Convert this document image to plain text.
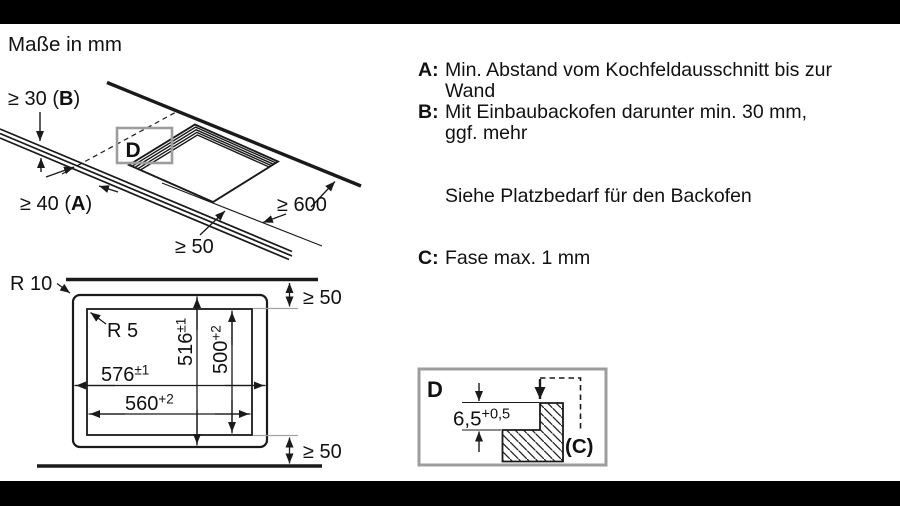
Maße in mm
D
≥ 30 (B)
≥ 40 (A)
≥ 50
≥ 600
R 10
R 5
$576^{\pm 1}$
$560^{+2}$
$516^{\pm 1}$
$500^{+2}$
≥ 50
≥ 50
D
$6,5^{+0,5}$
(C)
A: Min. Abstand vom Kochfeldausschnitt bis zur
Wand
B: Mit Einbaubackofen darunter min. 30 mm,
ggf. mehr
Siehe Platzbedarf für den Backofen
C: Fase max. 1 mm
